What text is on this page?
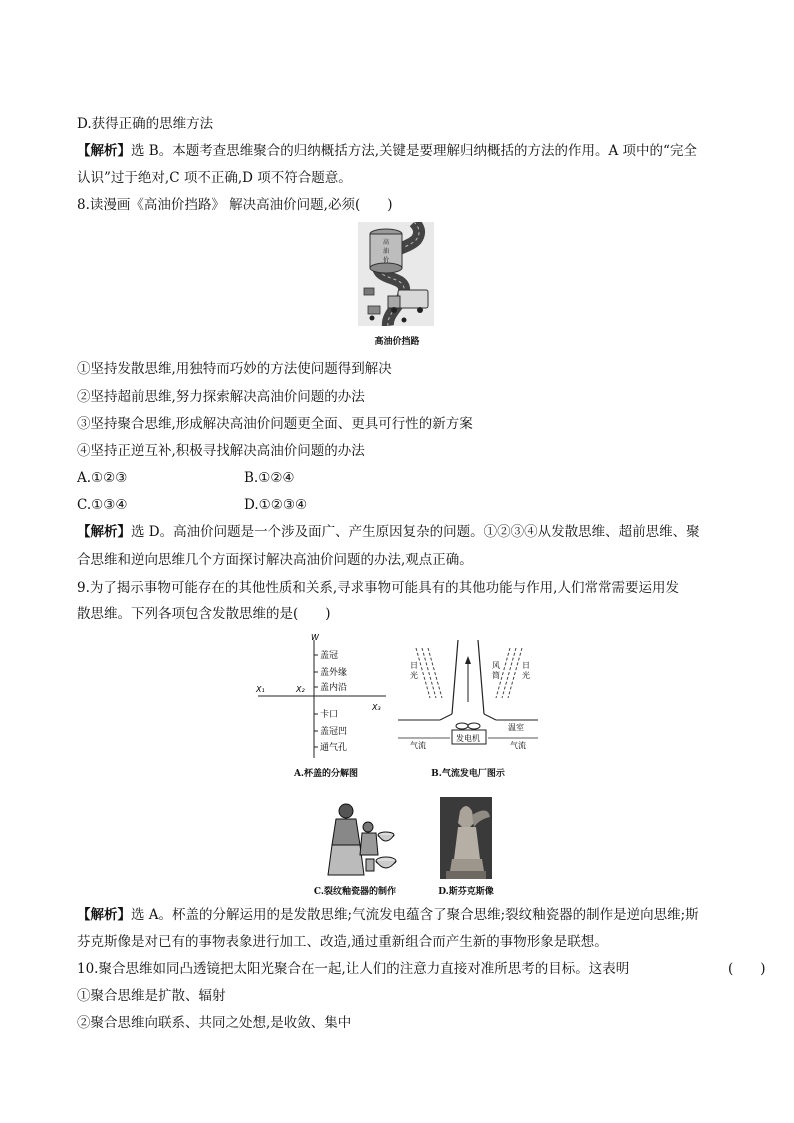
D.获得正确的思维方法
【解析】选 B。本题考查思维聚合的归纳概括方法,关键是要理解归纳概括的方法的作用。A 项中的“完全
认识”过于绝对,C 项不正确,D 项不符合题意。
8.读漫画《高油价挡路》 解决高油价问题,必须(　　)
高
油
价
高油价挡路
①坚持发散思维,用独特而巧妙的方法使问题得到解决
②坚持超前思维,努力探索解决高油价问题的办法
③坚持聚合思维,形成解决高油价问题更全面、更具可行性的新方案
④坚持正逆互补,积极寻找解决高油价问题的办法
A.①②③	B.①②④
C.①③④	D.①②③④
【解析】选 D。高油价问题是一个涉及面广、产生原因复杂的问题。①②③④从发散思维、超前思维、聚
合思维和逆向思维几个方面探讨解决高油价问题的办法,观点正确。
9.为了揭示事物可能存在的其他性质和关系,寻求事物可能具有的其他功能与作用,人们常常需要运用发
散思维。下列各项包含发散思维的是(　　)
W
X₁	X₂
X₃
盖冠
盖外缘
盖内沿
卡口
盖冠凹
通气孔
A.杯盖的分解图
日光
风筒
日光
温室
气流
发电机
气流
B.气流发电厂图示
C.裂纹釉瓷器的制作	D.斯芬克斯像
【解析】选 A。杯盖的分解运用的是发散思维;气流发电蕴含了聚合思维;裂纹釉瓷器的制作是逆向思维;斯
芬克斯像是对已有的事物表象进行加工、改造,通过重新组合而产生新的事物形象是联想。
10.聚合思维如同凸透镜把太阳光聚合在一起,让人们的注意力直接对准所思考的目标。这表明	(　　)
①聚合思维是扩散、辐射
②聚合思维向联系、共同之处想,是收敛、集中
